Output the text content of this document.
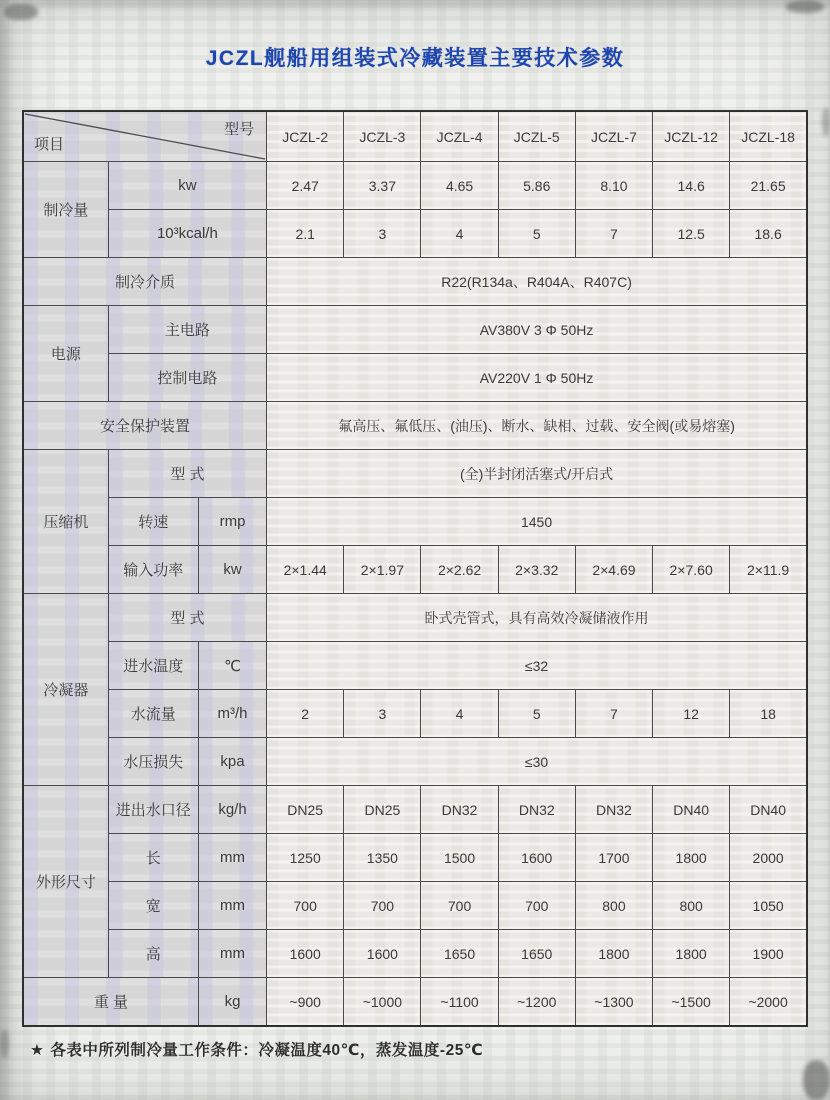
JCZL舰船用组装式冷藏装置主要技术参数
项目
型号			JCZL-2	JCZL-3	JCZL-4	JCZL-5	JCZL-7	JCZL-12	JCZL-18
制冷量	kw		2.47	3.37	4.65	5.86	8.10	14.6	21.65
	10³kcal/h		2.1	3	4	5	7	12.5	18.6
制冷介质			R22(R134a、R404A、R407C)						
电源	主电路		AV380V 3 Φ 50Hz						
	控制电路		AV220V 1 Φ 50Hz						
安全保护装置			氟高压、氟低压、(油压)、断水、缺相、过载、安全阀(或易熔塞)						
压缩机	型 式		(全)半封闭活塞式/开启式						
	转速	rmp	1450						
	输入功率	kw	2×1.44	2×1.97	2×2.62	2×3.32	2×4.69	2×7.60	2×11.9
冷凝器	型 式		卧式壳管式，具有高效冷凝储液作用						
	进水温度	℃	≤32						
	水流量	m³/h	2	3	4	5	7	12	18
	水压损失	kpa	≤30						
外形尺寸	进出水口径	kg/h	DN25	DN25	DN32	DN32	DN32	DN40	DN40
	长	mm	1250	1350	1500	1600	1700	1800	2000
	宽	mm	700	700	700	700	800	800	1050
	高	mm	1600	1600	1650	1650	1800	1800	1900
重 量		kg	~900	~1000	~1100	~1200	~1300	~1500	~2000
★ 各表中所列制冷量工作条件：冷凝温度40℃，蒸发温度-25℃
